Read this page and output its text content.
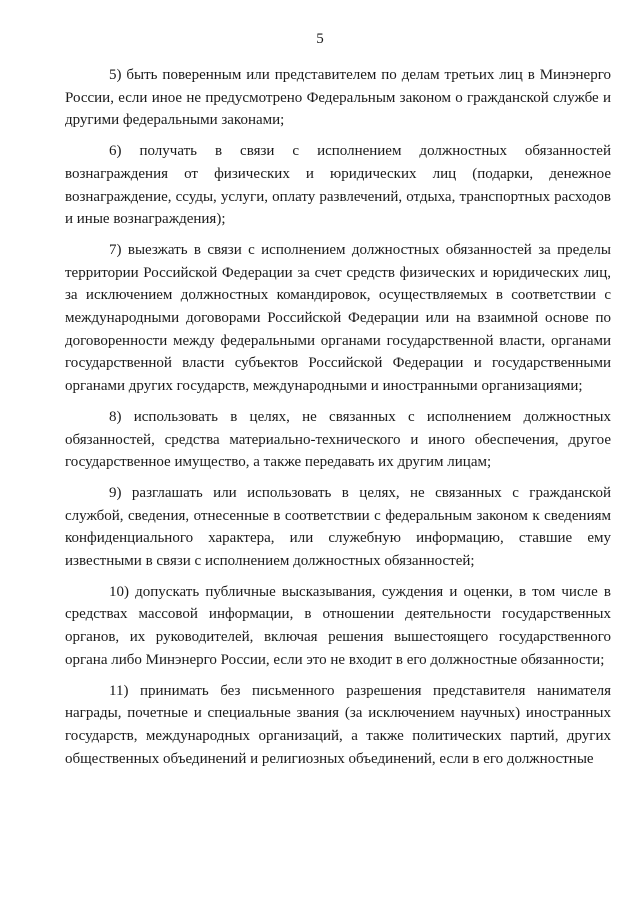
5

5) быть поверенным или представителем по делам третьих лиц в Минэнерго России, если иное не предусмотрено Федеральным законом о гражданской службе и другими федеральными законами;

6) получать в связи с исполнением должностных обязанностей вознаграждения от физических и юридических лиц (подарки, денежное вознаграждение, ссуды, услуги, оплату развлечений, отдыха, транспортных расходов и иные вознаграждения);

7) выезжать в связи с исполнением должностных обязанностей за пределы территории Российской Федерации за счет средств физических и юридических лиц, за исключением должностных командировок, осуществляемых в соответствии с международными договорами Российской Федерации или на взаимной основе по договоренности между федеральными органами государственной власти, органами государственной власти субъектов Российской Федерации и государственными органами других государств, международными и иностранными организациями;

8) использовать в целях, не связанных с исполнением должностных обязанностей, средства материально-технического и иного обеспечения, другое государственное имущество, а также передавать их другим лицам;

9) разглашать или использовать в целях, не связанных с гражданской службой, сведения, отнесенные в соответствии с федеральным законом к сведениям конфиденциального характера, или служебную информацию, ставшие ему известными в связи с исполнением должностных обязанностей;

10) допускать публичные высказывания, суждения и оценки, в том числе в средствах массовой информации, в отношении деятельности государственных органов, их руководителей, включая решения вышестоящего государственного органа либо Минэнерго России, если это не входит в его должностные обязанности;

11) принимать без письменного разрешения представителя нанимателя награды, почетные и специальные звания (за исключением научных) иностранных государств, международных организаций, а также политических партий, других общественных объединений и религиозных объединений, если в его должностные
